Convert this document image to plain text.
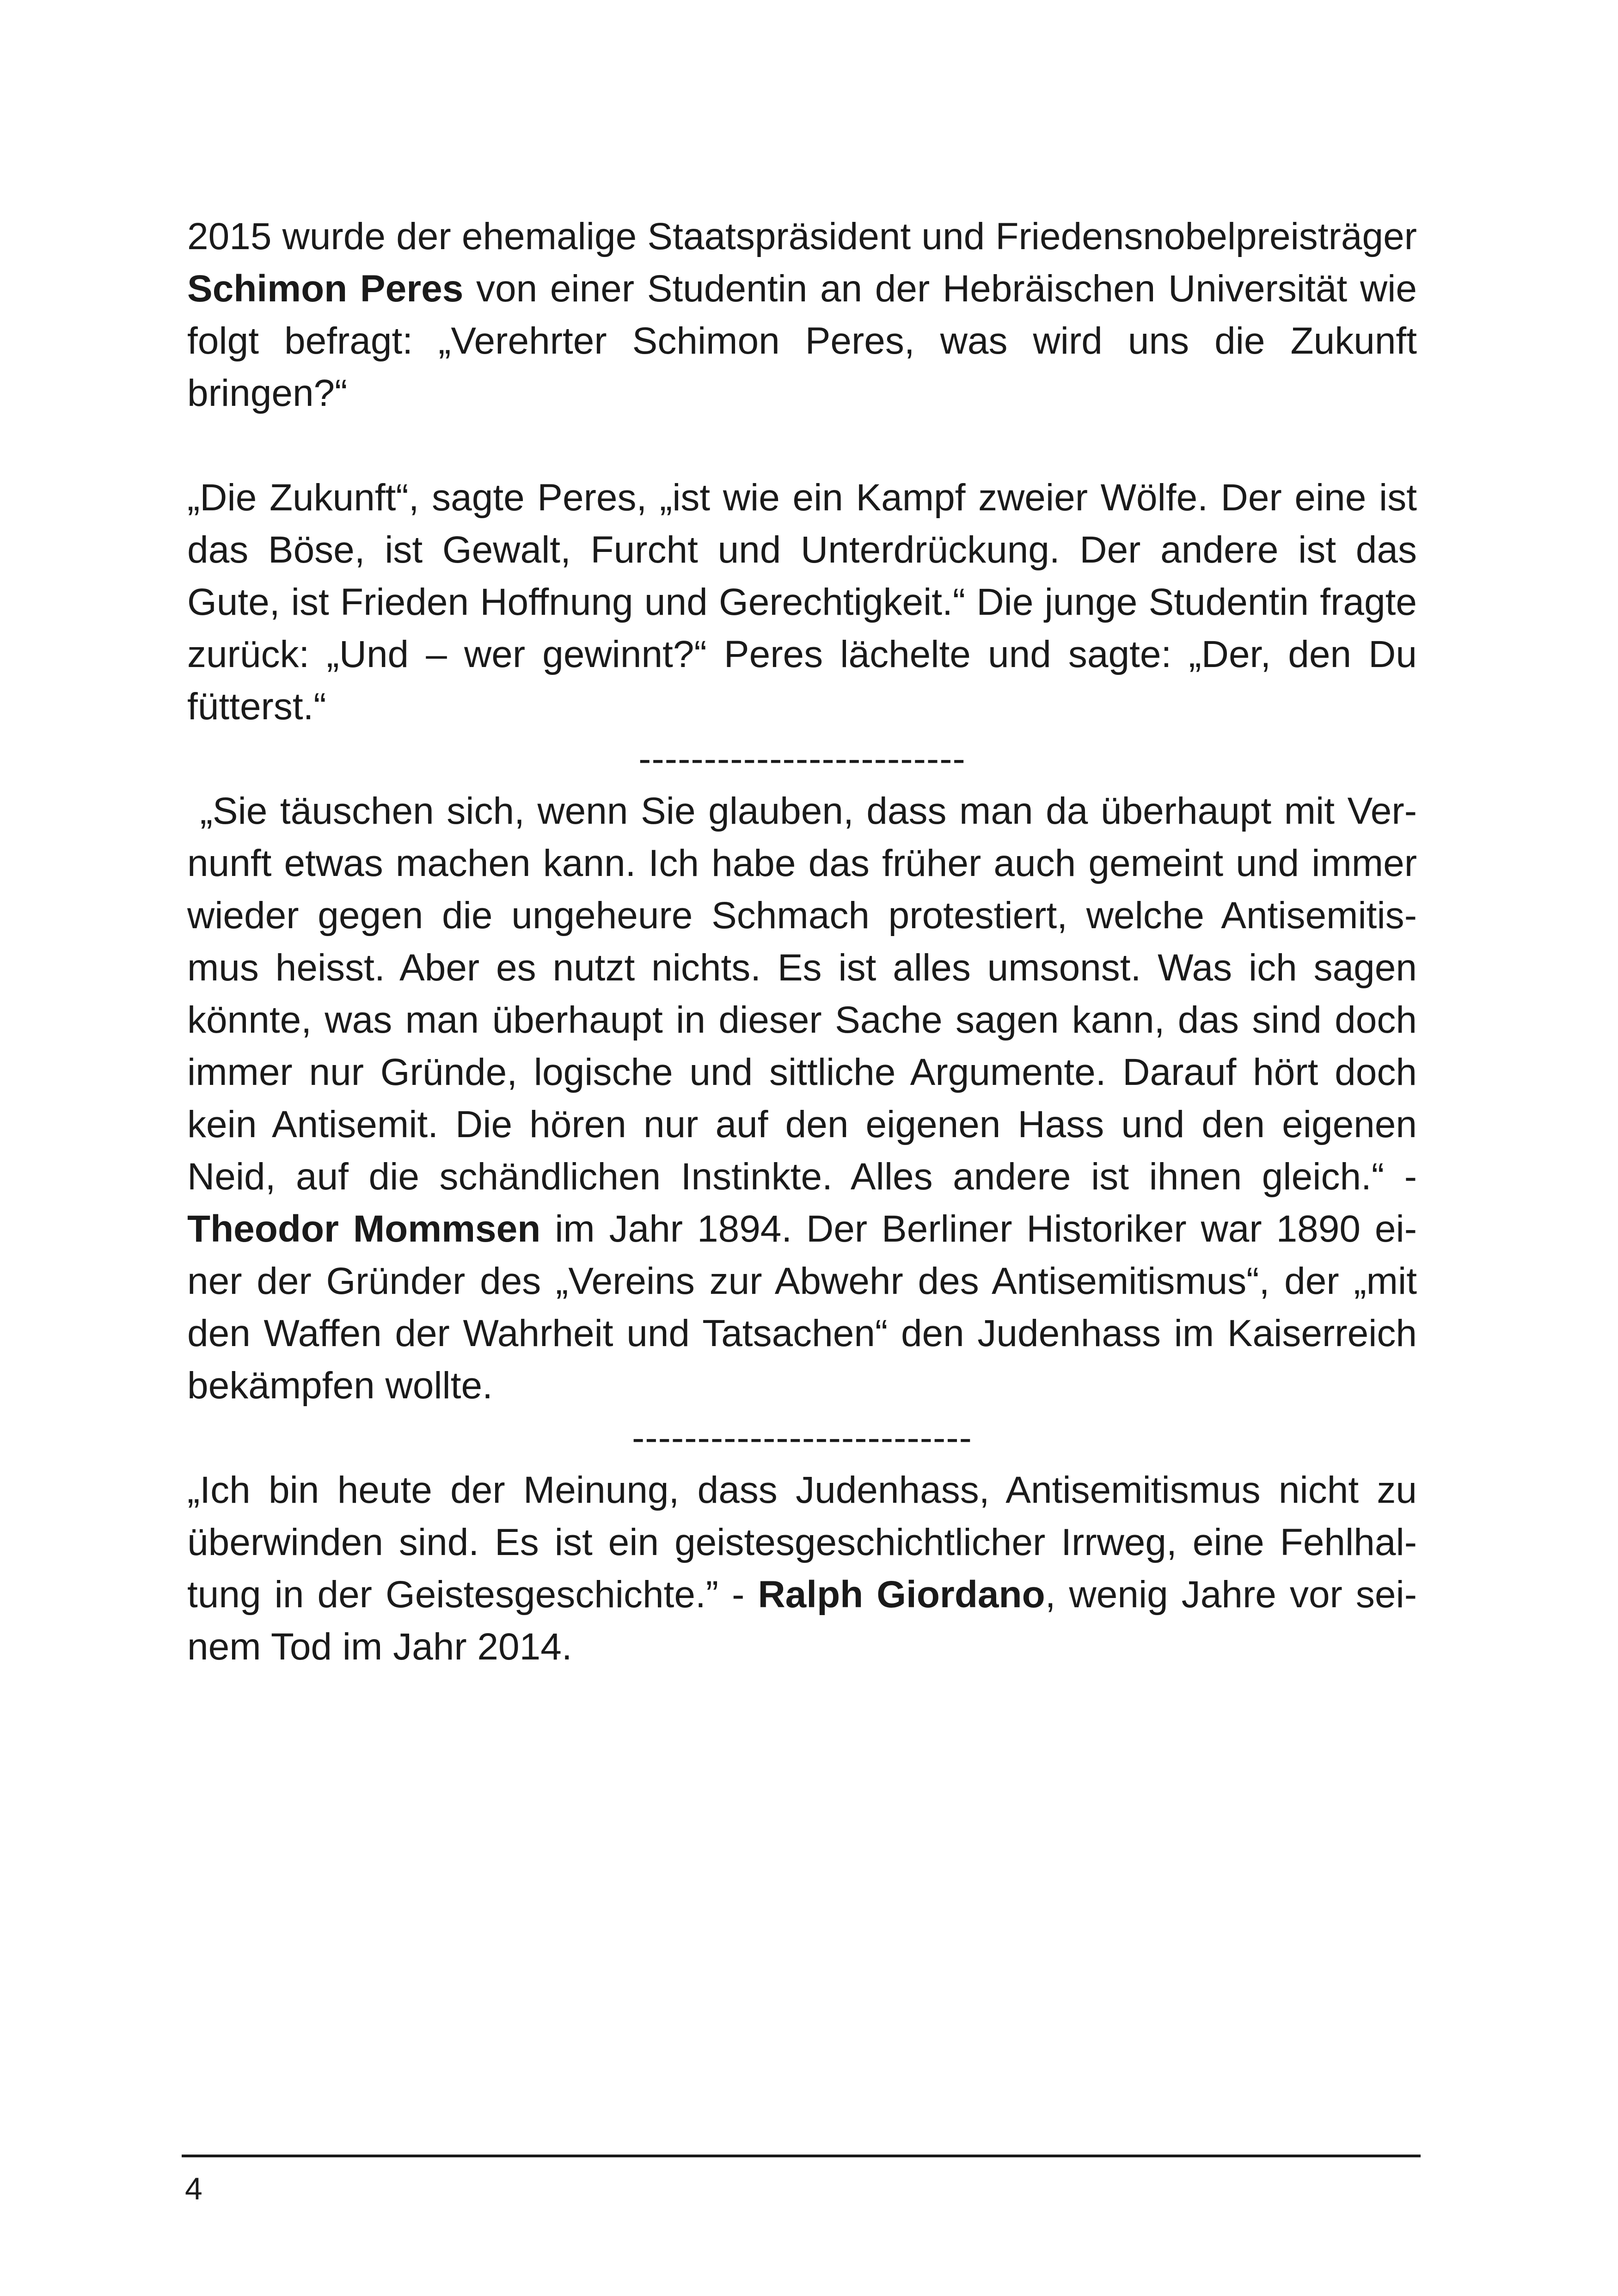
2015 wurde der ehemalige Staatspräsident und Friedensnobelpreisträger Schimon Peres von einer Studentin an der Hebräischen Universität wie folgt befragt: „Verehrter Schimon Peres, was wird uns die Zukunft bringen?“

„Die Zukunft“, sagte Peres, „ist wie ein Kampf zweier Wölfe. Der eine ist das Böse, ist Gewalt, Furcht und Unterdrückung. Der andere ist das Gute, ist Frieden Hoffnung und Gerechtigkeit.“ Die junge Studentin fragte zurück: „Und – wer gewinnt?“ Peres lächelte und sagte: „Der, den Du fütterst.“

-------------------------

„Sie täuschen sich, wenn Sie glauben, dass man da überhaupt mit Vernunft etwas machen kann. Ich habe das früher auch gemeint und immer wieder gegen die ungeheure Schmach protestiert, welche Antisemitismus heisst. Aber es nutzt nichts. Es ist alles umsonst. Was ich sagen könnte, was man überhaupt in dieser Sache sagen kann, das sind doch immer nur Gründe, logische und sittliche Argumente. Darauf hört doch kein Antisemit. Die hören nur auf den eigenen Hass und den eigenen Neid, auf die schändlichen Instinkte. Alles andere ist ihnen gleich.“ - Theodor Mommsen im Jahr 1894. Der Berliner Historiker war 1890 einer der Gründer des „Vereins zur Abwehr des Antisemitismus“, der „mit den Waffen der Wahrheit und Tatsachen“ den Judenhass im Kaiserreich bekämpfen wollte.

--------------------------

„Ich bin heute der Meinung, dass Judenhass, Antisemitismus nicht zu überwinden sind. Es ist ein geistesgeschichtlicher Irrweg, eine Fehlhaltung in der Geistesgeschichte.” - Ralph Giordano, wenig Jahre vor seinem Tod im Jahr 2014.

4
